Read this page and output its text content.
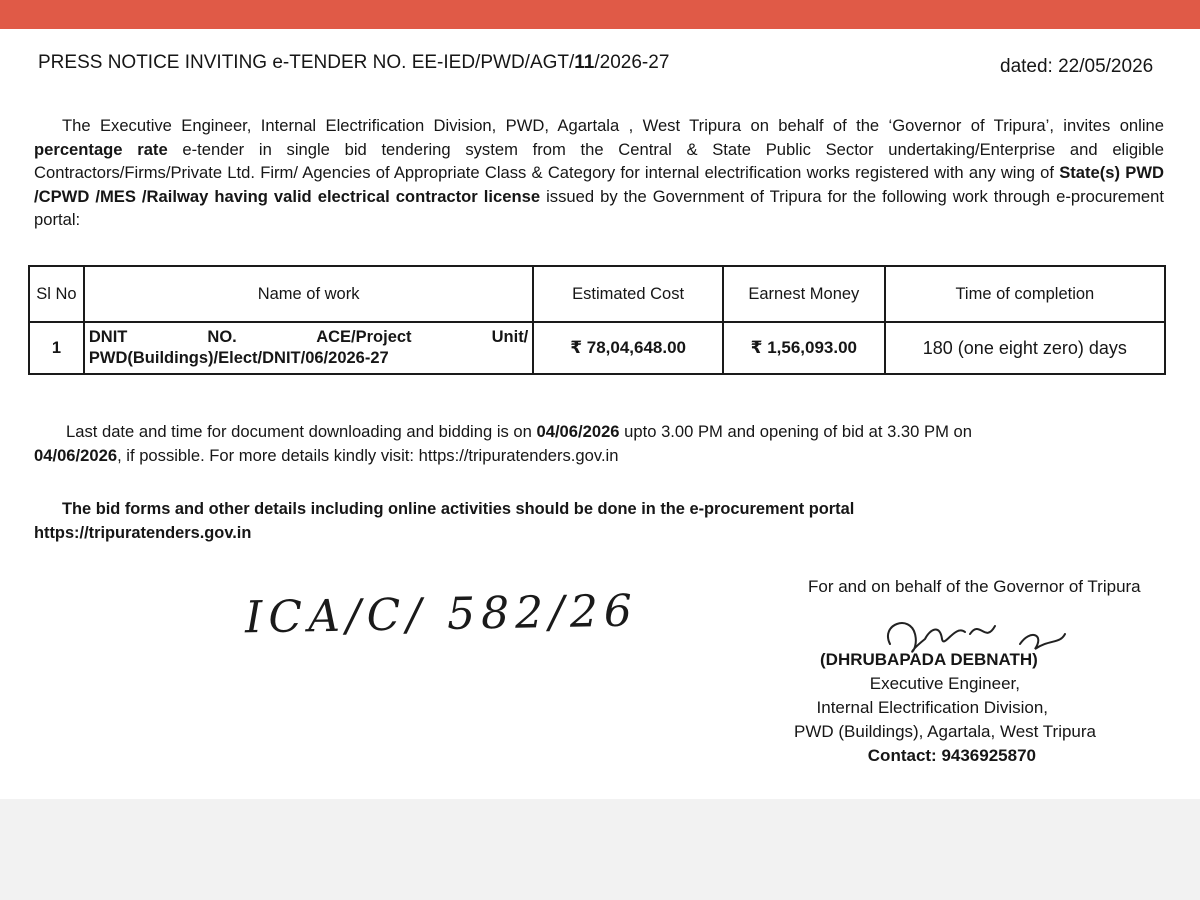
PRESS NOTICE INVITING e-TENDER NO. EE-IED/PWD/AGT/11/2026-27	dated: 22/05/2026
The Executive Engineer, Internal Electrification Division, PWD, Agartala , West Tripura on behalf of the ‘Governor of Tripura’, invites online percentage rate e-tender in single bid tendering system from the Central & State Public Sector undertaking/Enterprise and eligible Contractors/Firms/Private Ltd. Firm/ Agencies of Appropriate Class & Category for internal electrification works registered with any wing of State(s) PWD /CPWD /MES /Railway having valid electrical contractor license issued by the Government of Tripura for the following work through e-procurement portal:
Sl No	Name of work	Estimated Cost	Earnest Money	Time of completion
1	DNIT NO. ACE/Project Unit/
PWD(Buildings)/Elect/DNIT/06/2026-27	₹ 78,04,648.00	₹ 1,56,093.00	180 (one eight zero) days
Last date and time for document downloading and bidding is on 04/06/2026 upto 3.00 PM and opening of bid at 3.30 PM on
04/06/2026, if possible. For more details kindly visit: https://tripuratenders.gov.in
The bid forms and other details including online activities should be done in the e-procurement portal
https://tripuratenders.gov.in
ICA/C/ 582/26	For and on behalf of the Governor of Tripura
(DHRUBAPADA DEBNATH)
Executive Engineer,
Internal Electrification Division,
PWD (Buildings), Agartala, West Tripura
Contact: 9436925870
